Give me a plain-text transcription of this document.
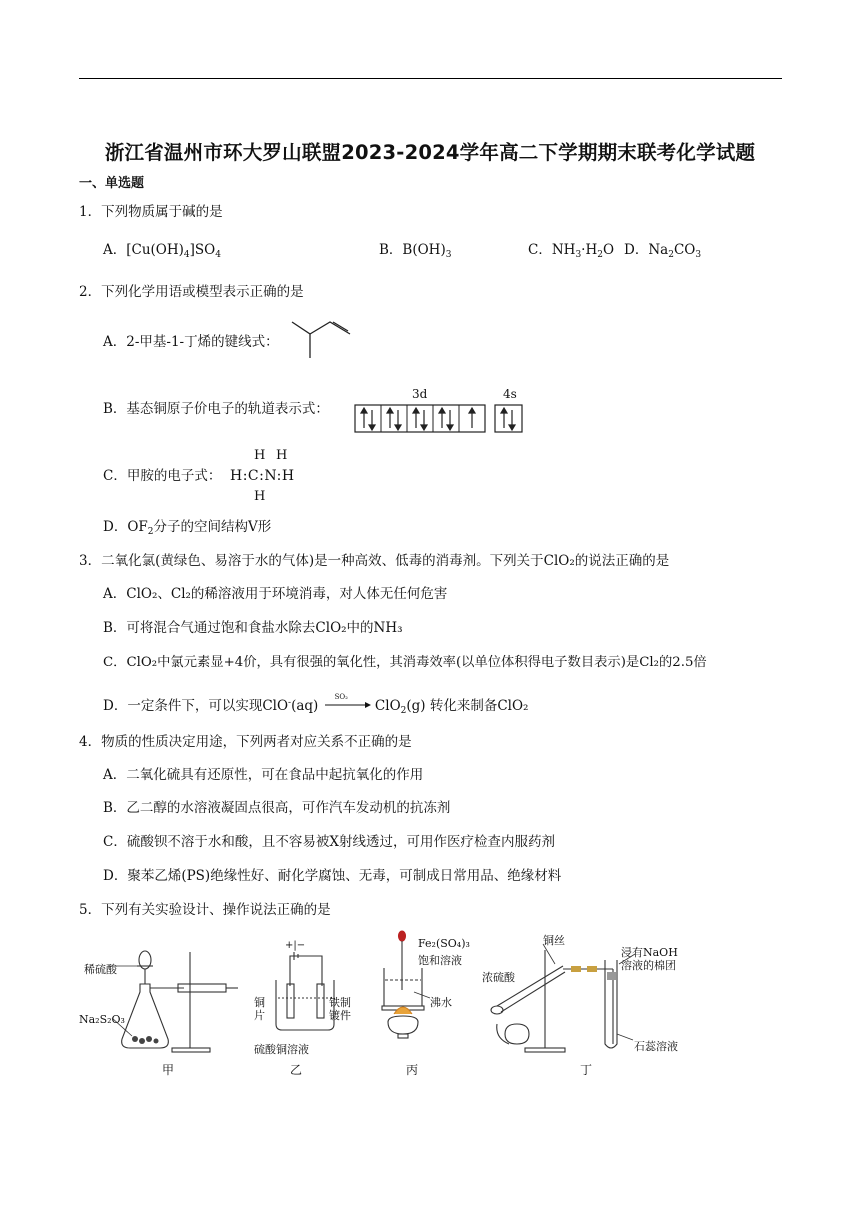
浙江省温州市环大罗山联盟2023-2024学年高二下学期期末联考化学试题
一、单选题
1．下列物质属于碱的是
A．$[Cu(OH)_4]SO_4$	B．$B(OH)_3$	C．$NH_3\cdot H_2O$ D．$Na_2CO_3$
2．下列化学用语或模型表示正确的是
A．2-甲基-1-丁烯的键线式：
B．基态铜原子价电子的轨道表示式：
3d	4s
C．甲胺的电子式： H:C:N:H
H H
H
D．$OF_2$分子的空间结构V形
3．二氧化氯(黄绿色、易溶于水的气体)是一种高效、低毒的消毒剂。下列关于ClO₂的说法正确的是
A．ClO₂、Cl₂的稀溶液用于环境消毒，对人体无任何危害
B．可将混合气通过饱和食盐水除去ClO₂中的NH₃
C．ClO₂中氯元素显+4价，具有很强的氧化性，其消毒效率(以单位体积得电子数目表示)是Cl₂的2.5倍
D．一定条件下，可以实现ClO-(aq)
SO₂
ClO$_2$(g) 转化来制备ClO₂
4．物质的性质决定用途，下列两者对应关系不正确的是
A．二氧化硫具有还原性，可在食品中起抗氧化的作用
B．乙二醇的水溶液凝固点很高，可作汽车发动机的抗冻剂
C．硫酸钡不溶于水和酸，且不容易被X射线透过，可用作医疗检查内服药剂
D．聚苯乙烯(PS)绝缘性好、耐化学腐蚀、无毒，可制成日常用品、绝缘材料
5．下列有关实验设计、操作说法正确的是
稀硫酸
Na₂S₂O₃
甲
+|−
铜
片
铁制
镀件
硫酸铜溶液
乙
Fe₂(SO₄)₃
饱和溶液
沸水
丙
铜丝
浸有NaOH
溶液的棉团
浓硫酸
石蕊溶液
丁
